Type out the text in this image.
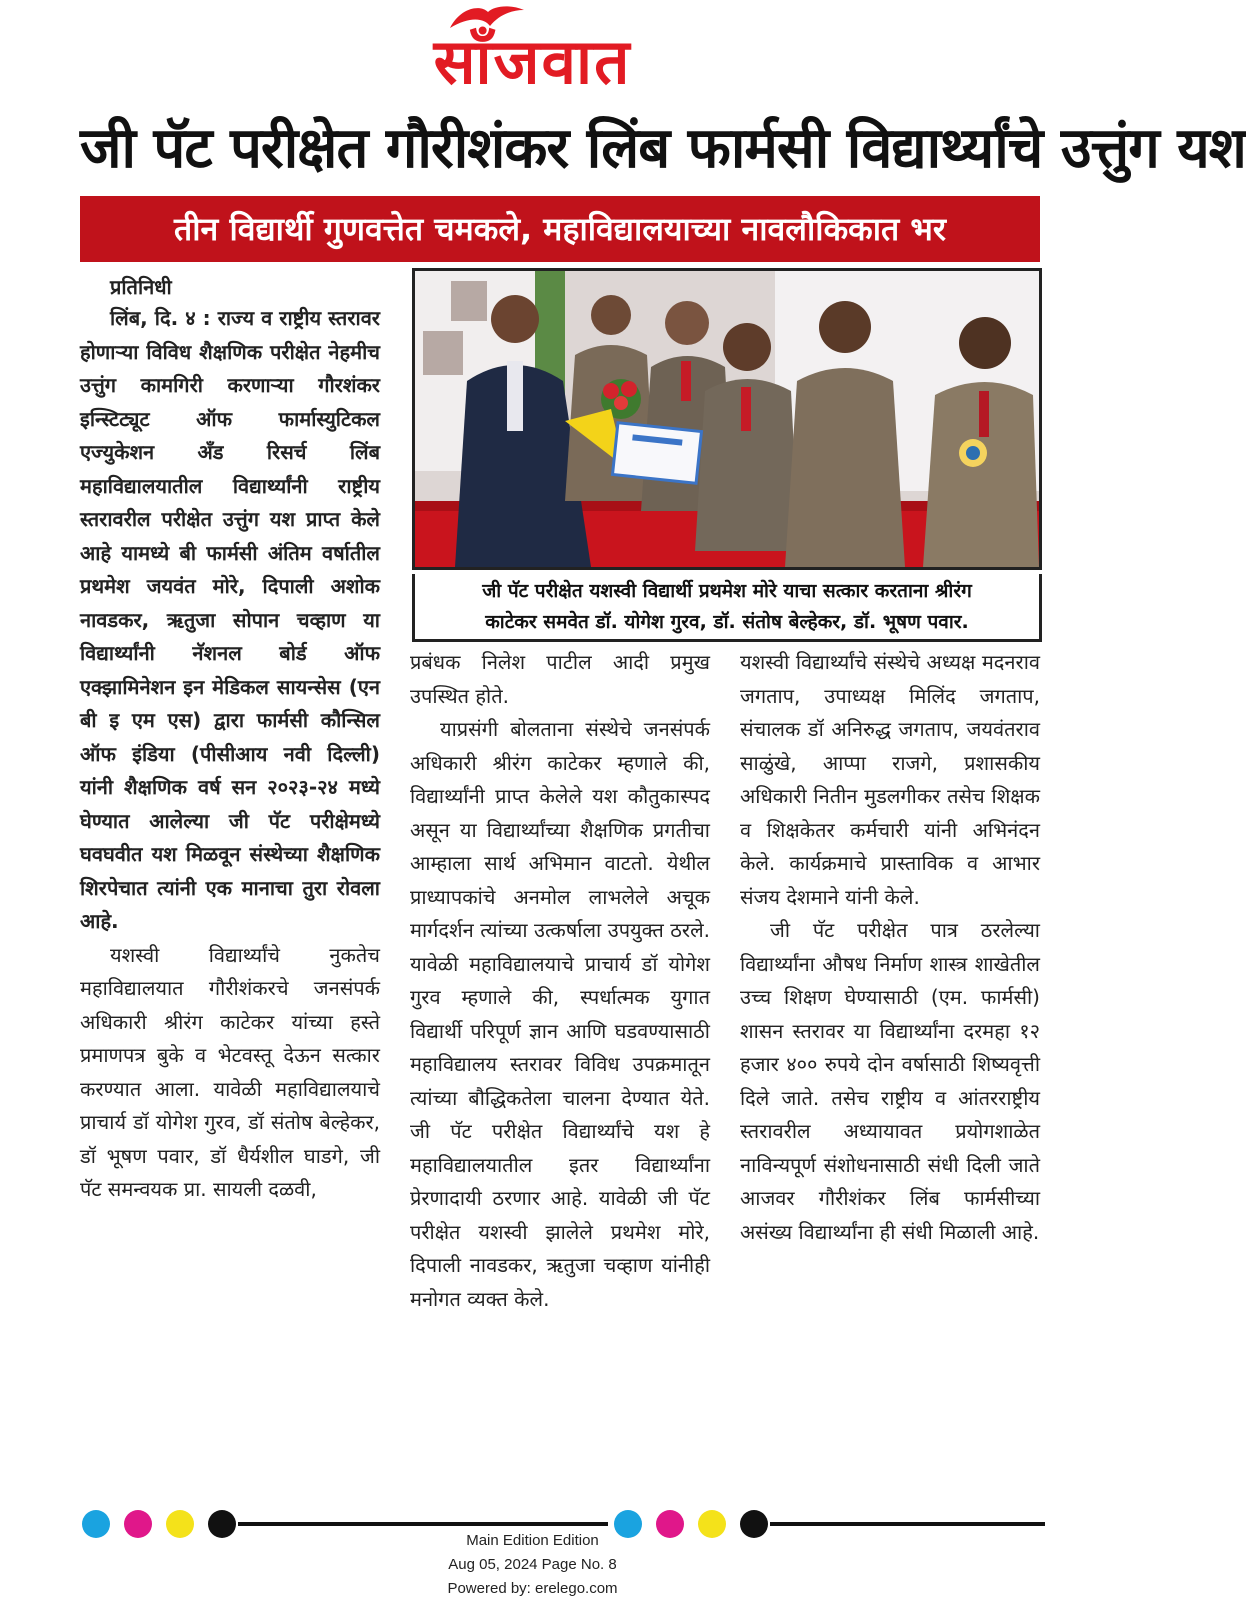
साँजवात
जी पॅट परीक्षेत गौरीशंकर लिंब फार्मसी विद्यार्थ्यांचे उत्तुंग यश
तीन विद्यार्थी गुणवत्तेत चमकले, महाविद्यालयाच्या नावलौकिकात भर

प्रतिनिधी

लिंब, दि. ४ : राज्य व राष्ट्रीय स्तरावर होणाऱ्या विविध शैक्षणिक परीक्षेत नेहमीच उत्तुंग कामगिरी करणाऱ्या गौरशंकर इन्स्टिट्यूट ऑफ फार्मास्युटिकल एज्युकेशन अँड रिसर्च लिंब महाविद्यालयातील विद्यार्थ्यांनी राष्ट्रीय स्तरावरील परीक्षेत उत्तुंग यश प्राप्त केले आहे यामध्ये बी फार्मसी अंतिम वर्षातील प्रथमेश जयवंत मोरे, दिपाली अशोक नावडकर, ऋतुजा सोपान चव्हाण या विद्यार्थ्यांनी नॅशनल बोर्ड ऑफ एक्झामिनेशन इन मेडिकल सायन्सेस (एन बी इ एम एस) द्वारा फार्मसी कौन्सिल ऑफ इंडिया (पीसीआय नवी दिल्ली) यांनी शैक्षणिक वर्ष सन २०२३-२४ मध्ये घेण्यात आलेल्या जी पॅट परीक्षेमध्ये घवघवीत यश मिळवून संस्थेच्या शैक्षणिक शिरपेचात त्यांनी एक मानाचा तुरा रोवला आहे.

यशस्वी विद्यार्थ्यांचे नुकतेच महाविद्यालयात गौरीशंकरचे जनसंपर्क अधिकारी श्रीरंग काटेकर यांच्या हस्ते प्रमाणपत्र बुके व भेटवस्तू देऊन सत्कार करण्यात आला. यावेळी महाविद्यालयाचे प्राचार्य डॉ योगेश गुरव, डॉ संतोष बेल्हेकर, डॉ भूषण पवार, डॉ धैर्यशील घाडगे, जी पॅट समन्वयक प्रा. सायली दळवी,

जी पॅट परीक्षेत यशस्वी विद्यार्थी प्रथमेश मोरे याचा सत्कार करताना श्रीरंग
काटेकर समवेत डॉ. योगेश गुरव, डॉ. संतोष बेल्हेकर, डॉ. भूषण पवार.

प्रबंधक निलेश पाटील आदी प्रमुख उपस्थित होते.

याप्रसंगी बोलताना संस्थेचे जनसंपर्क अधिकारी श्रीरंग काटेकर म्हणाले की, विद्यार्थ्यांनी प्राप्त केलेले यश कौतुकास्पद असून या विद्यार्थ्यांच्या शैक्षणिक प्रगतीचा आम्हाला सार्थ अभिमान वाटतो. येथील प्राध्यापकांचे अनमोल लाभलेले अचूक मार्गदर्शन त्यांच्या उत्कर्षाला उपयुक्त ठरले. यावेळी महाविद्यालयाचे प्राचार्य डॉ योगेश गुरव म्हणाले की, स्पर्धात्मक युगात विद्यार्थी परिपूर्ण ज्ञान आणि घडवण्यासाठी महाविद्यालय स्तरावर विविध उपक्रमातून त्यांच्या बौद्धिकतेला चालना देण्यात येते. जी पॅट परीक्षेत विद्यार्थ्यांचे यश हे महाविद्यालयातील इतर विद्यार्थ्यांना प्रेरणादायी ठरणार आहे. यावेळी जी पॅट परीक्षेत यशस्वी झालेले प्रथमेश मोरे, दिपाली नावडकर, ऋतुजा चव्हाण यांनीही मनोगत व्यक्त केले.

यशस्वी विद्यार्थ्यांचे संस्थेचे अध्यक्ष मदनराव जगताप, उपाध्यक्ष मिलिंद जगताप, संचालक डॉ अनिरुद्ध जगताप, जयवंतराव साळुंखे, आप्पा राजगे, प्रशासकीय अधिकारी नितीन मुडलगीकर तसेच शिक्षक व शिक्षकेतर कर्मचारी यांनी अभिनंदन केले. कार्यक्रमाचे प्रास्ताविक व आभार संजय देशमाने यांनी केले.

जी पॅट परीक्षेत पात्र ठरलेल्या विद्यार्थ्यांना औषध निर्माण शास्त्र शाखेतील उच्च शिक्षण घेण्यासाठी (एम. फार्मसी) शासन स्तरावर या विद्यार्थ्यांना दरमहा १२ हजार ४०० रुपये दोन वर्षासाठी शिष्यवृत्ती दिले जाते. तसेच राष्ट्रीय व आंतरराष्ट्रीय स्तरावरील अध्यायावत प्रयोगशाळेत नाविन्यपूर्ण संशोधनासाठी संधी दिली जाते आजवर गौरीशंकर लिंब फार्मसीच्या असंख्य विद्यार्थ्यांना ही संधी मिळाली आहे.

Main Edition Edition
Aug 05, 2024 Page No. 8
Powered by: erelego.com
